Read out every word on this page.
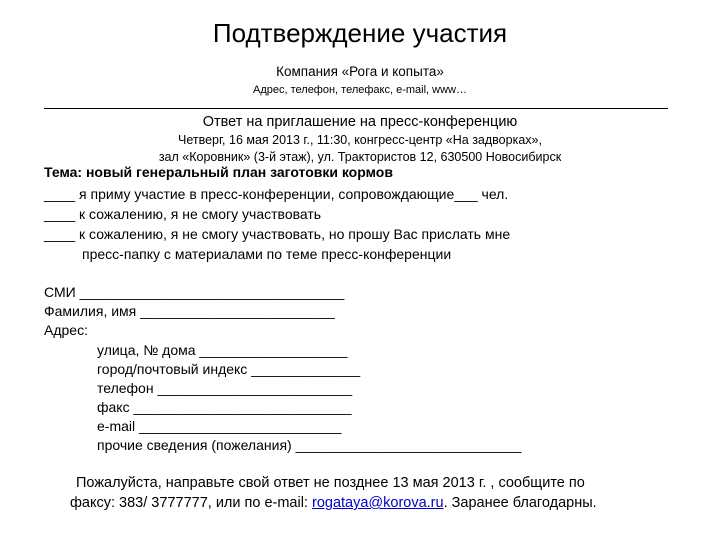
Подтверждение участия
Компания «Рога и копыта»
Адрес, телефон, телефакс, e-mail, www…
Ответ на приглашение на пресс-конференцию
Четверг, 16 мая 2013 г., 11:30, конгресс-центр «На задворках»,
зал «Коровник» (3-й этаж), ул. Трактористов 12, 630500 Новосибирск
Тема: новый генеральный план заготовки кормов
____ я приму участие в пресс-конференции, сопровождающие___ чел.
____ к сожалению, я не смогу участвовать
____ к сожалению, я не смогу участвовать, но прошу Вас прислать мне
пресс-папку с материалами по теме пресс-конференции
СМИ __________________________________
Фамилия, имя _________________________
Адрес:
улица, № дома ___________________
город/почтовый индекс ______________
телефон _________________________
факс ____________________________
e-mail __________________________
прочие сведения (пожелания) _____________________________
Пожалуйста, направьте свой ответ не позднее 13 мая 2013 г. , сообщите по
факсу: 383/ 3777777, или по e-mail: rogataya@korova.ru. Заранее благодарны.
